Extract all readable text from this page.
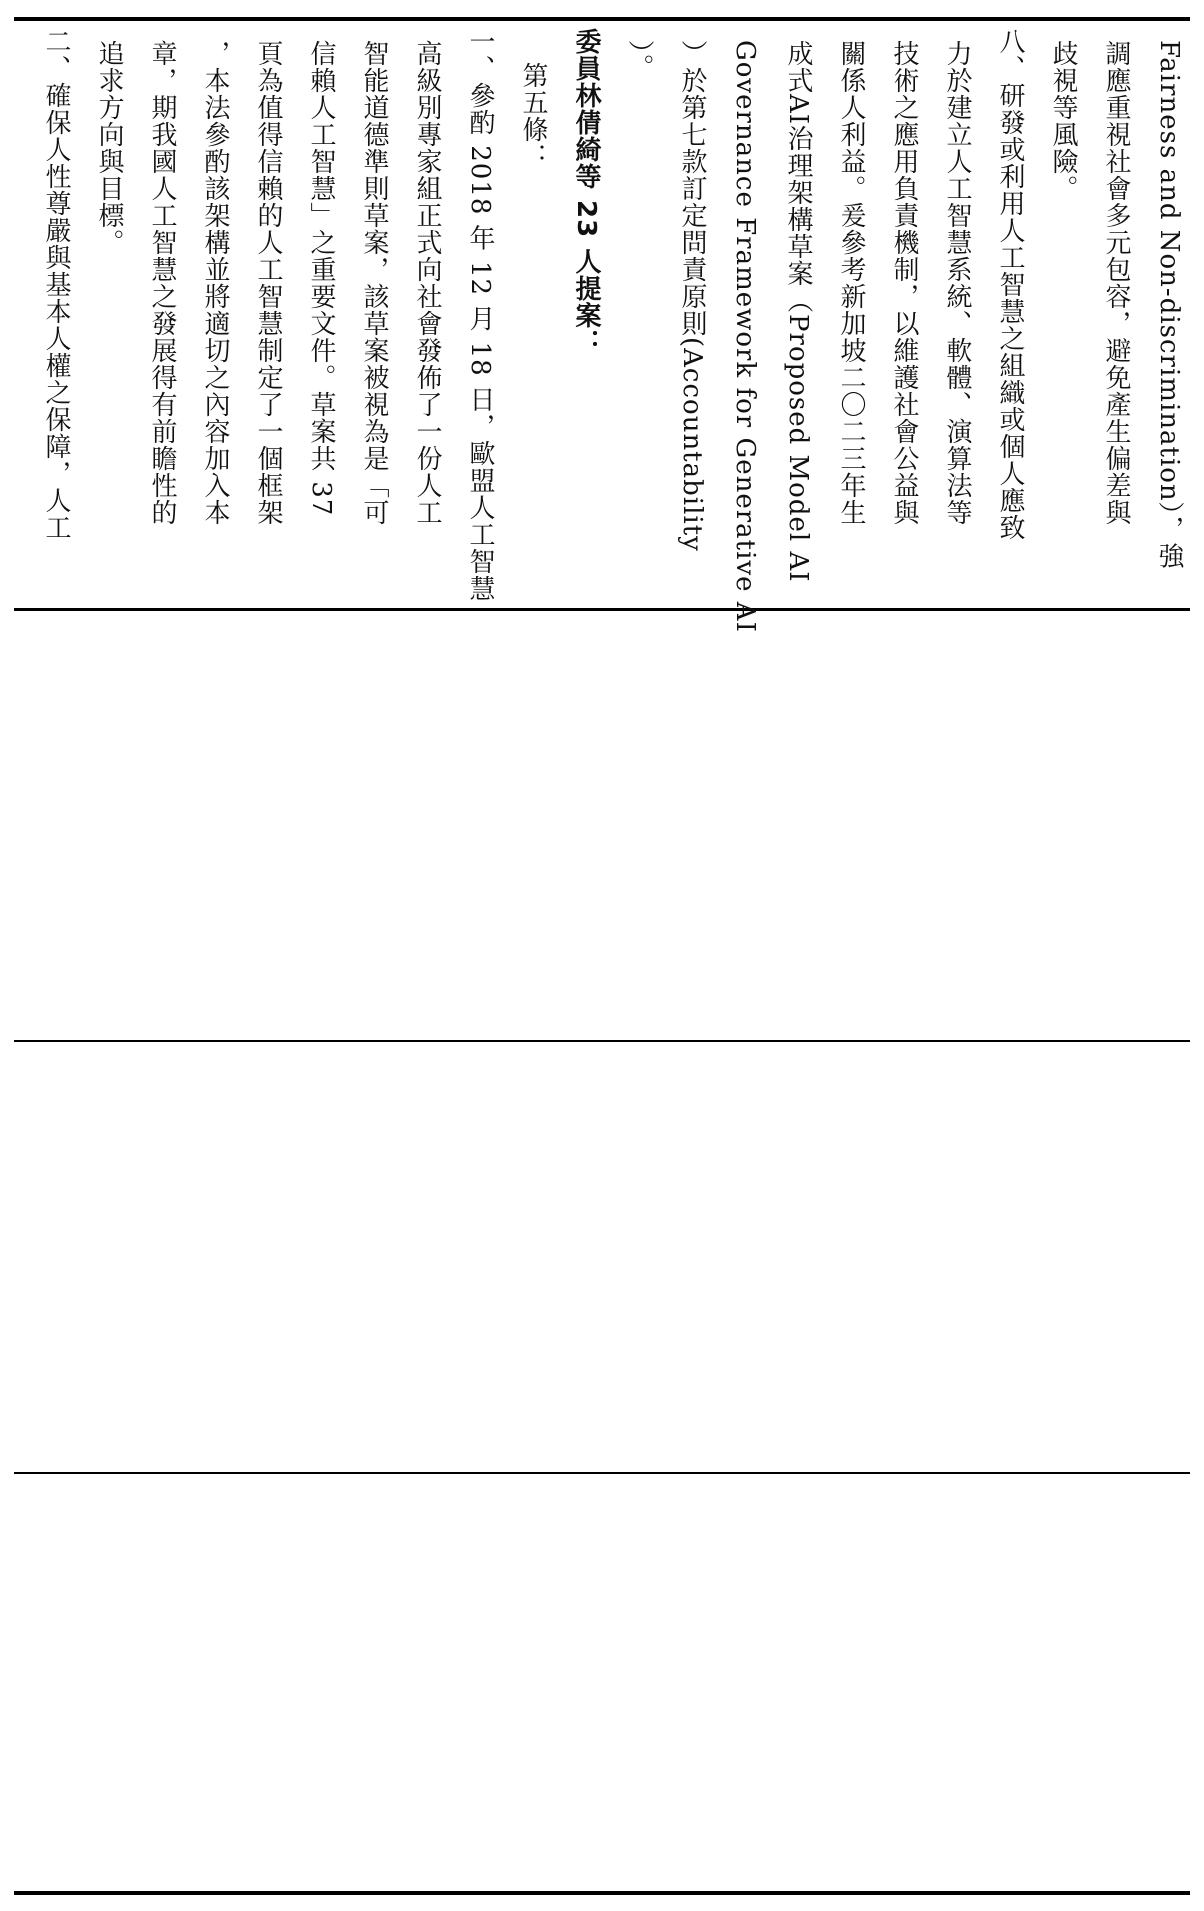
Fairness and Non-discrimination），強
調應重視社會多元包容，避免產生偏差與
歧視等風險。
八、研發或利用人工智慧之組織或個人應致
力於建立人工智慧系統、軟體、演算法等
技術之應用負責機制，以維護社會公益與
關係人利益。爰參考新加坡二〇二三年生
成式AI治理架構草案（Proposed Model AI
Governance Framework for Generative AI
）於第七款訂定問責原則(Accountability
）。
委員林倩綺等 23 人提案：
第五條：
一、參酌 2018 年 12 月 18 日，歐盟人工智慧
高級別專家組正式向社會發佈了一份人工
智能道德準則草案，該草案被視為是「可
信賴人工智慧」之重要文件。草案共 37
頁為值得信賴的人工智慧制定了一個框架
，本法參酌該架構並將適切之內容加入本
章，期我國人工智慧之發展得有前瞻性的
追求方向與目標。
二、確保人性尊嚴與基本人權之保障，人工
